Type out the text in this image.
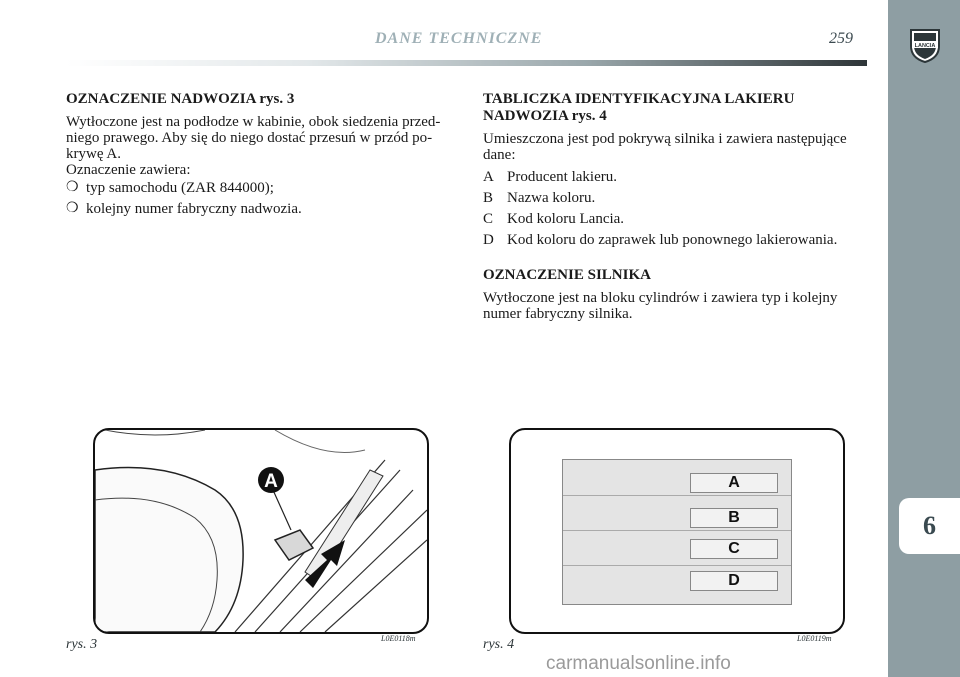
LANCIA
6
DANE TECHNICZNE	259
OZNACZENIE NADWOZIA rys. 3
Wytłoczone jest na podłodze w kabinie, obok siedzenia przed-
niego prawego. Aby się do niego dostać przesuń w przód po-
krywę A.
Oznaczenie zawiera:
❍ typ samochodu (ZAR 844000);
❍ kolejny numer fabryczny nadwozia.
TABLICZKA IDENTYFIKACYJNA LAKIERU
NADWOZIA rys. 4
Umieszczona jest pod pokrywą silnika i zawiera następujące
dane:
A Producent lakieru.
B Nazwa koloru.
C Kod koloru Lancia.
D Kod koloru do zaprawek lub ponownego lakierowania.
OZNACZENIE SILNIKA
Wytłoczone jest na bloku cylindrów i zawiera typ i kolejny
numer fabryczny silnika.
A
rys. 3	L0E0118m
A
B
C
D
rys. 4	L0E0119m
carmanualsonline.info
